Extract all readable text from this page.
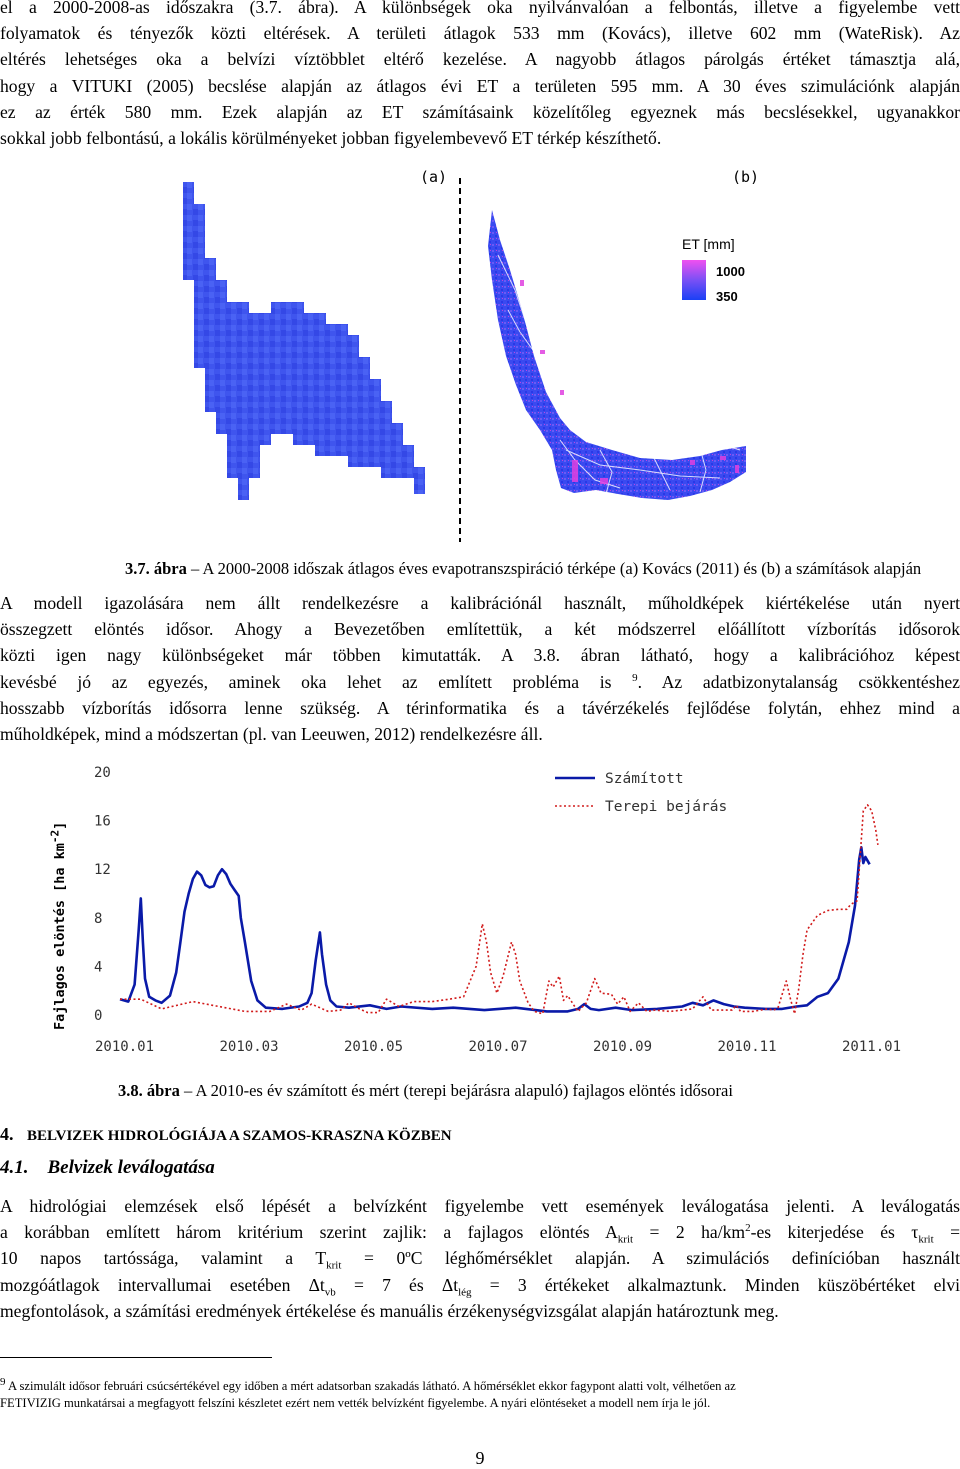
el a 2000-2008-as időszakra (3.7. ábra). A különbségek oka nyilvánvalóan a felbontás, illetve a figyelembe vett
folyamatok és tényezők közti eltérések. A területi átlagok 533 mm (Kovács), illetve 602 mm (WateRisk). Az
eltérés lehetséges oka a belvízi víztöbblet eltérő kezelése. A nagyobb átlagos párolgás értéket támasztja alá,
hogy a VITUKI (2005) becslése alapján az átlagos évi ET a területen 595 mm. A 30 éves szimulációnk alapján
ez az érték 580 mm. Ezek alapján az ET számításaink közelítőleg egyeznek más becslésekkel, ugyanakkor
sokkal jobb felbontású, a lokális körülményeket jobban figyelembevevő ET térkép készíthető.
(a)	(b)
ET [mm]
1000
350
3.7. ábra – A 2000-2008 időszak átlagos éves evapotranszspiráció térképe (a) Kovács (2011) és (b) a számítások alapján
A modell igazolására nem állt rendelkezésre a kalibrációnál használt, műholdképek kiértékelése után nyert
összegzett elöntés idősor. Ahogy a Bevezetőben említettük, a két módszerrel előállított vízborítás idősorok
közti igen nagy különbségeket már többen kimutatták. A 3.8. ábran látható, hogy a kalibrációhoz képest
kevésbé jó az egyezés, aminek oka lehet az említett probléma is $^9$. Az adatbizonytalanság csökkentéshez
hosszabb vízborítás idősorra lenne szükség. A térinformatika és a távérzékelés fejlődése folytán, ehhez mind a
műholdképek, mind a módszertan (pl. van Leeuwen, 2012) rendelkezésre áll.
0
4
8
12
16
20
2010.01	2010.03	2010.05	2010.07	2010.09	2010.11	2011.01
Számított
Terepi bejárás
Fajlagos elöntés [ha $km^{-2}$]
3.8. ábra – A 2010-es év számított és mért (terepi bejárásra alapuló) fajlagos elöntés idősorai
4. BELVIZEK HIDROLÓGIÁJA A SZAMOS-KRASZNA KÖZBEN
4.1. Belvizek leválogatása
A hidrológiai elemzések első lépését a belvízként figyelembe vett események leválogatása jelenti. A leválogatás
a korábban említett három kritérium szerint zajlik: a fajlagos elöntés $A_{krit} = 2$ $ha/km^2-es$ kiterjedése és $\tau_{krit}$ =
10 napos tartóssága, valamint a $T_{krit}$ = 0ºC léghőmérséklet alapján. A szimulációs definícióban használt
mozgóátlagok intervallumai esetében $\Delta t_{vb} = 7$ és $\Delta t_{lég} = 3$ értékeket alkalmaztunk. Minden küszöbértéket elvi
megfontolások, a számítási eredmények értékelése és manuális érzékenységvizsgálat alapján határoztunk meg.
$^9$ A szimulált idősor februári csúcsértékével egy időben a mért adatsorban szakadás látható. A hőmérséklet ekkor fagypont alatti volt, vélhetően az
FETIVIZIG munkatársai a megfagyott felszíni készletet ezért nem vették belvízként figyelembe. A nyári elöntéseket a modell nem írja le jól.
9
